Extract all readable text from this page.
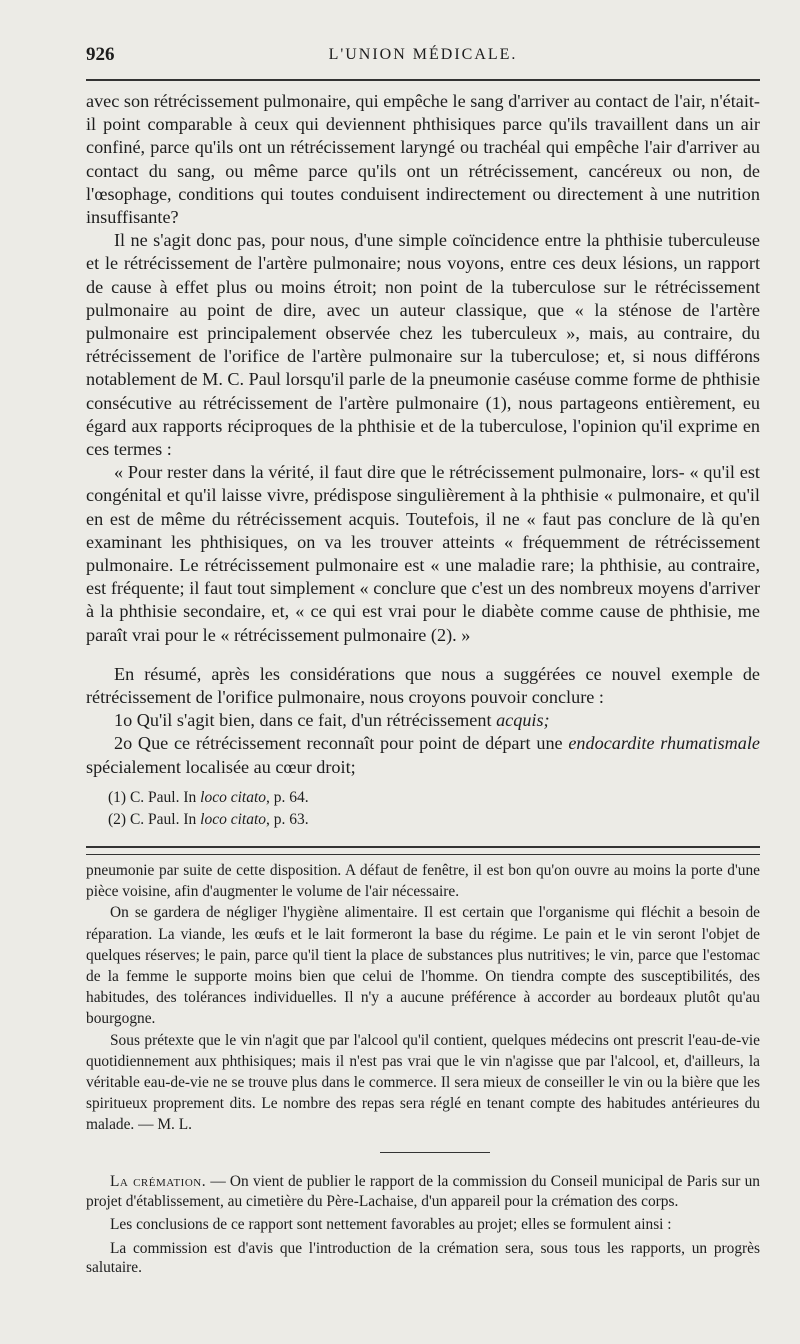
926	L'UNION MÉDICALE.

avec son rétrécissement pulmonaire, qui empêche le sang d'arriver au contact de l'air, n'était-il point comparable à ceux qui deviennent phthisiques parce qu'ils travaillent dans un air confiné, parce qu'ils ont un rétrécissement laryngé ou trachéal qui empêche l'air d'arriver au contact du sang, ou même parce qu'ils ont un rétrécissement, cancéreux ou non, de l'œsophage, conditions qui toutes conduisent indirectement ou directement à une nutrition insuffisante?

Il ne s'agit donc pas, pour nous, d'une simple coïncidence entre la phthisie tuberculeuse et le rétrécissement de l'artère pulmonaire; nous voyons, entre ces deux lésions, un rapport de cause à effet plus ou moins étroit; non point de la tuberculose sur le rétrécissement pulmonaire au point de dire, avec un auteur classique, que « la sténose de l'artère pulmonaire est principalement observée chez les tuberculeux », mais, au contraire, du rétrécissement de l'orifice de l'artère pulmonaire sur la tuberculose; et, si nous différons notablement de M. C. Paul lorsqu'il parle de la pneumonie caséuse comme forme de phthisie consécutive au rétrécissement de l'artère pulmonaire (1), nous partageons entièrement, eu égard aux rapports réciproques de la phthisie et de la tuberculose, l'opinion qu'il exprime en ces termes :

« Pour rester dans la vérité, il faut dire que le rétrécissement pulmonaire, lors- « qu'il est congénital et qu'il laisse vivre, prédispose singulièrement à la phthisie « pulmonaire, et qu'il en est de même du rétrécissement acquis. Toutefois, il ne « faut pas conclure de là qu'en examinant les phthisiques, on va les trouver atteints « fréquemment de rétrécissement pulmonaire. Le rétrécissement pulmonaire est « une maladie rare; la phthisie, au contraire, est fréquente; il faut tout simplement « conclure que c'est un des nombreux moyens d'arriver à la phthisie secondaire, et, « ce qui est vrai pour le diabète comme cause de phthisie, me paraît vrai pour le « rétrécissement pulmonaire (2). »

En résumé, après les considérations que nous a suggérées ce nouvel exemple de rétrécissement de l'orifice pulmonaire, nous croyons pouvoir conclure :

1o Qu'il s'agit bien, dans ce fait, d'un rétrécissement acquis;

2o Que ce rétrécissement reconnaît pour point de départ une endocardite rhumatismale spécialement localisée au cœur droit;

(1) C. Paul. In loco citato, p. 64.

(2) C. Paul. In loco citato, p. 63.

pneumonie par suite de cette disposition. A défaut de fenêtre, il est bon qu'on ouvre au moins la porte d'une pièce voisine, afin d'augmenter le volume de l'air nécessaire.

On se gardera de négliger l'hygiène alimentaire. Il est certain que l'organisme qui fléchit a besoin de réparation. La viande, les œufs et le lait formeront la base du régime. Le pain et le vin seront l'objet de quelques réserves; le pain, parce qu'il tient la place de substances plus nutritives; le vin, parce que l'estomac de la femme le supporte moins bien que celui de l'homme. On tiendra compte des susceptibilités, des habitudes, des tolérances individuelles. Il n'y a aucune préférence à accorder au bordeaux plutôt qu'au bourgogne.

Sous prétexte que le vin n'agit que par l'alcool qu'il contient, quelques médecins ont prescrit l'eau-de-vie quotidiennement aux phthisiques; mais il n'est pas vrai que le vin n'agisse que par l'alcool, et, d'ailleurs, la véritable eau-de-vie ne se trouve plus dans le commerce. Il sera mieux de conseiller le vin ou la bière que les spiritueux proprement dits. Le nombre des repas sera réglé en tenant compte des habitudes antérieures du malade. — M. L.

La crémation. — On vient de publier le rapport de la commission du Conseil municipal de Paris sur un projet d'établissement, au cimetière du Père-Lachaise, d'un appareil pour la crémation des corps.

Les conclusions de ce rapport sont nettement favorables au projet; elles se formulent ainsi :

La commission est d'avis que l'introduction de la crémation sera, sous tous les rapports, un progrès salutaire.
